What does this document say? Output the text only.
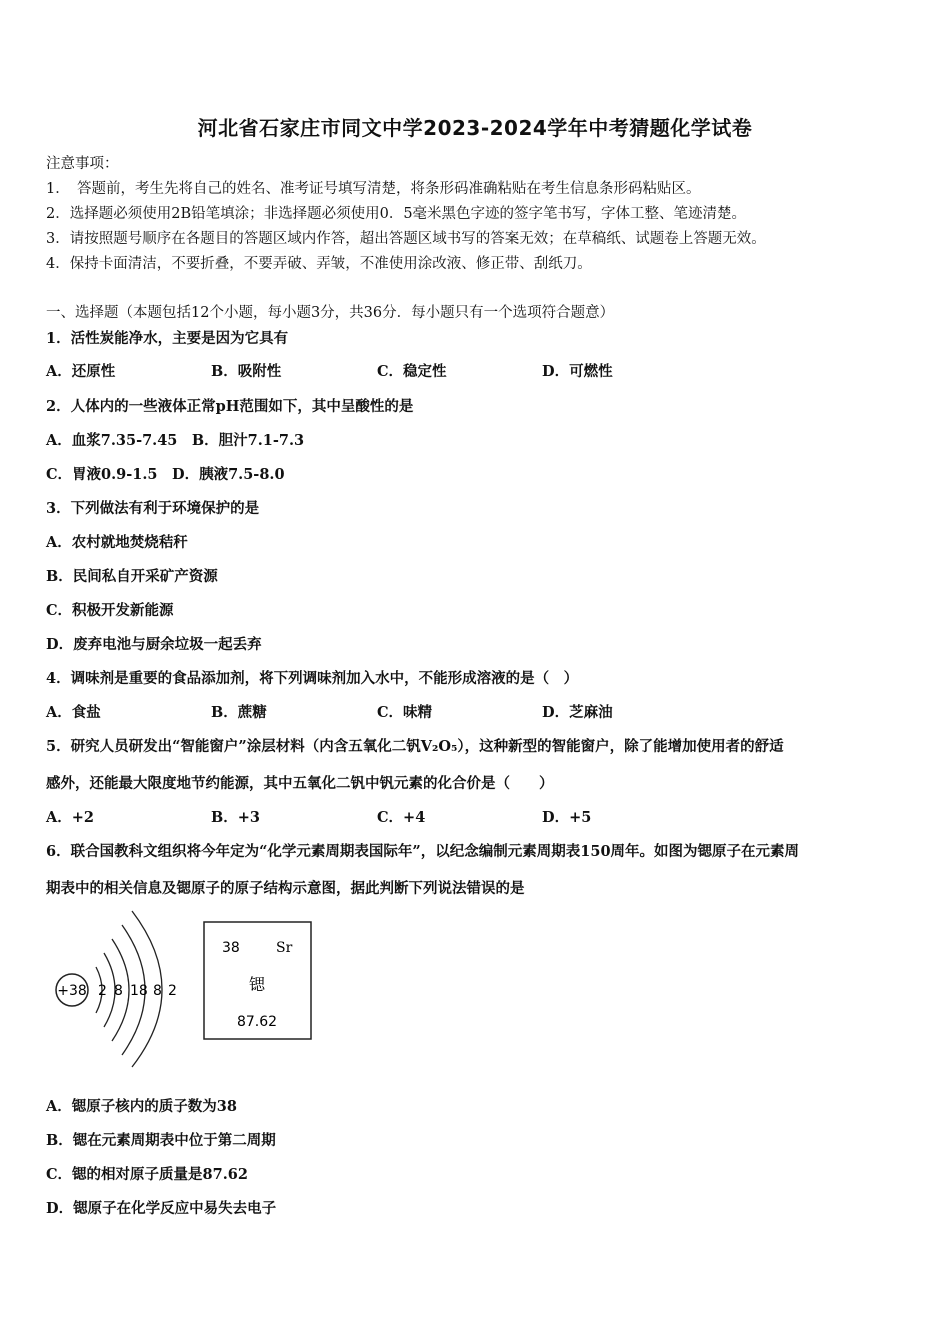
河北省石家庄市同文中学2023-2024学年中考猜题化学试卷
注意事项：
1．　答题前，考生先将自己的姓名、准考证号填写清楚，将条形码准确粘贴在考生信息条形码粘贴区。
2．选择题必须使用2B铅笔填涂；非选择题必须使用0．5毫米黑色字迹的签字笔书写，字体工整、笔迹清楚。
3．请按照题号顺序在各题目的答题区域内作答，超出答题区域书写的答案无效；在草稿纸、试题卷上答题无效。
4．保持卡面清洁，不要折叠，不要弄破、弄皱，不准使用涂改液、修正带、刮纸刀。
一、选择题（本题包括12个小题，每小题3分，共36分．每小题只有一个选项符合题意）
1．活性炭能净水，主要是因为它具有
A．还原性	B．吸附性	C．稳定性	D．可燃性
2．人体内的一些液体正常pH范围如下，其中呈酸性的是
A．血浆7.35-7.45　B．胆汁7.1-7.3
C．胃液0.9-1.5　D．胰液7.5-8.0
3．下列做法有利于环境保护的是
A．农村就地焚烧秸秆
B．民间私自开采矿产资源
C．积极开发新能源
D．废弃电池与厨余垃圾一起丢弃
4．调味剂是重要的食品添加剂，将下列调味剂加入水中，不能形成溶液的是（　）
A．食盐	B．蔗糖	C．味精	D．芝麻油
5．研究人员研发出“智能窗户”涂层材料（内含五氧化二钒V₂O₅），这种新型的智能窗户，除了能增加使用者的舒适
感外，还能最大限度地节约能源，其中五氧化二钒中钒元素的化合价是（　　）
A．+2	B．+3	C．+4	D．+5
6．联合国教科文组织将今年定为“化学元素周期表国际年”，以纪念编制元素周期表150周年。如图为锶原子在元素周
期表中的相关信息及锶原子的原子结构示意图，据此判断下列说法错误的是
+38 2 8 18 8 2
38	Sr
锶
87.62
A．锶原子核内的质子数为38
B．锶在元素周期表中位于第二周期
C．锶的相对原子质量是87.62
D．锶原子在化学反应中易失去电子
